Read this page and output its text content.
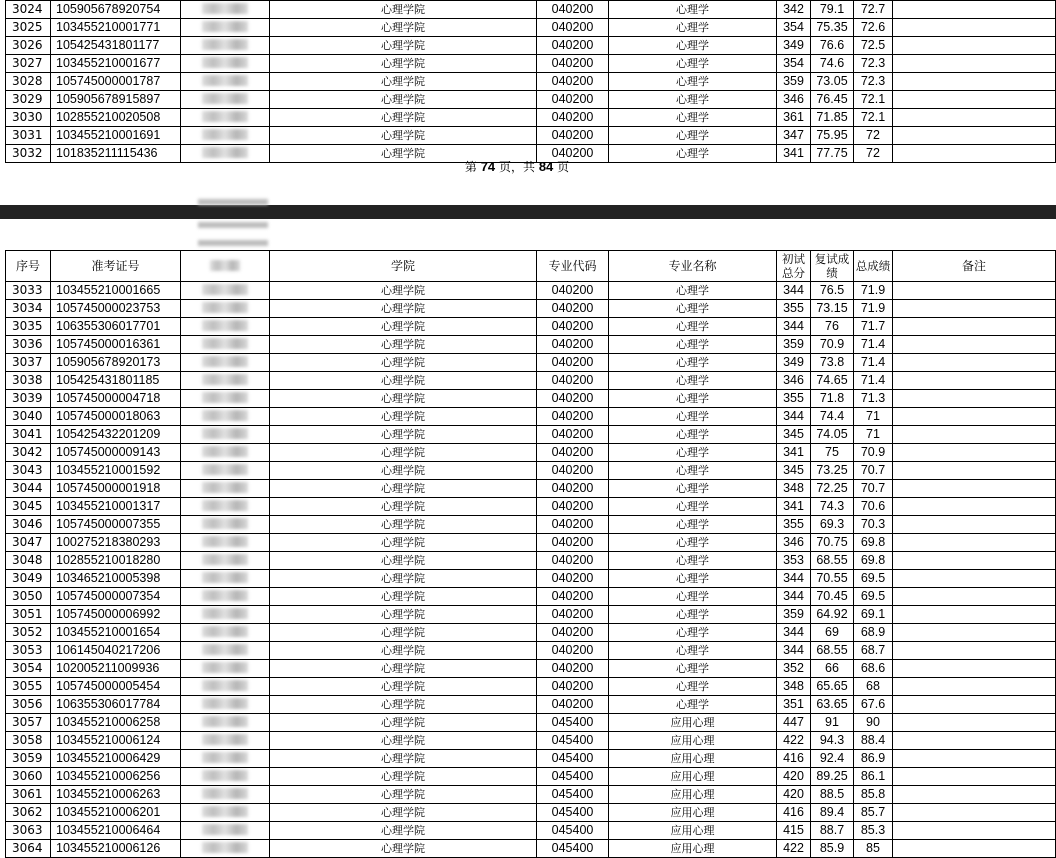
3024	105905678920754		心理学院	040200	心理学	342	79.1	72.7	
3025	103455210001771		心理学院	040200	心理学	354	75.35	72.6	
3026	105425431801177		心理学院	040200	心理学	349	76.6	72.5	
3027	103455210001677		心理学院	040200	心理学	354	74.6	72.3	
3028	105745000001787		心理学院	040200	心理学	359	73.05	72.3	
3029	105905678915897		心理学院	040200	心理学	346	76.45	72.1	
3030	102855210020508		心理学院	040200	心理学	361	71.85	72.1	
3031	103455210001691		心理学院	040200	心理学	347	75.95	72	
3032	101835211115436		心理学院	040200	心理学	341	77.75	72	
第 74 页，共 84 页
序号	准考证号		学院	专业代码	专业名称	初试总分	复试成绩	总成绩	备注
3033	103455210001665		心理学院	040200	心理学	344	76.5	71.9	
3034	105745000023753		心理学院	040200	心理学	355	73.15	71.9	
3035	106355306017701		心理学院	040200	心理学	344	76	71.7	
3036	105745000016361		心理学院	040200	心理学	359	70.9	71.4	
3037	105905678920173		心理学院	040200	心理学	349	73.8	71.4	
3038	105425431801185		心理学院	040200	心理学	346	74.65	71.4	
3039	105745000004718		心理学院	040200	心理学	355	71.8	71.3	
3040	105745000018063		心理学院	040200	心理学	344	74.4	71	
3041	105425432201209		心理学院	040200	心理学	345	74.05	71	
3042	105745000009143		心理学院	040200	心理学	341	75	70.9	
3043	103455210001592		心理学院	040200	心理学	345	73.25	70.7	
3044	105745000001918		心理学院	040200	心理学	348	72.25	70.7	
3045	103455210001317		心理学院	040200	心理学	341	74.3	70.6	
3046	105745000007355		心理学院	040200	心理学	355	69.3	70.3	
3047	100275218380293		心理学院	040200	心理学	346	70.75	69.8	
3048	102855210018280		心理学院	040200	心理学	353	68.55	69.8	
3049	103465210005398		心理学院	040200	心理学	344	70.55	69.5	
3050	105745000007354		心理学院	040200	心理学	344	70.45	69.5	
3051	105745000006992		心理学院	040200	心理学	359	64.92	69.1	
3052	103455210001654		心理学院	040200	心理学	344	69	68.9	
3053	106145040217206		心理学院	040200	心理学	344	68.55	68.7	
3054	102005211009936		心理学院	040200	心理学	352	66	68.6	
3055	105745000005454		心理学院	040200	心理学	348	65.65	68	
3056	106355306017784		心理学院	040200	心理学	351	63.65	67.6	
3057	103455210006258		心理学院	045400	应用心理	447	91	90	
3058	103455210006124		心理学院	045400	应用心理	422	94.3	88.4	
3059	103455210006429		心理学院	045400	应用心理	416	92.4	86.9	
3060	103455210006256		心理学院	045400	应用心理	420	89.25	86.1	
3061	103455210006263		心理学院	045400	应用心理	420	88.5	85.8	
3062	103455210006201		心理学院	045400	应用心理	416	89.4	85.7	
3063	103455210006464		心理学院	045400	应用心理	415	88.7	85.3	
3064	103455210006126		心理学院	045400	应用心理	422	85.9	85	
